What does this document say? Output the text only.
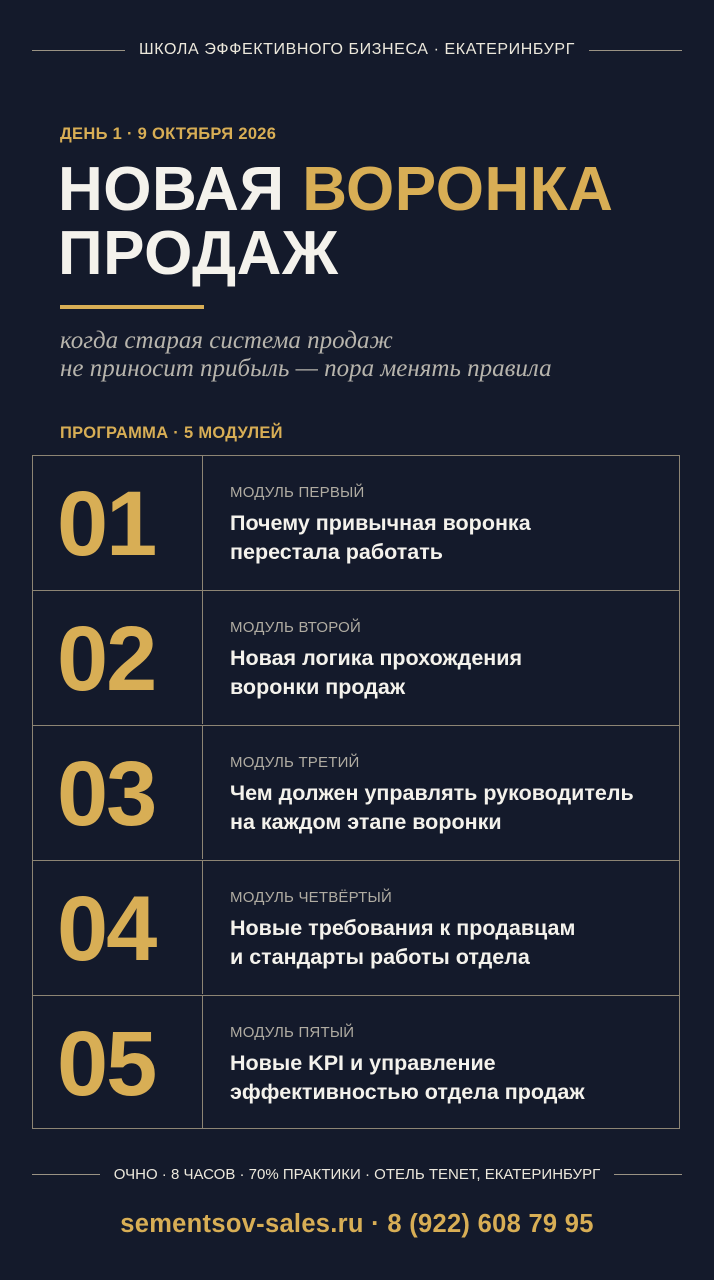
ШКОЛА ЭФФЕКТИВНОГО БИЗНЕСА · ЕКАТЕРИНБУРГ
ДЕНЬ 1 · 9 ОКТЯБРЯ 2026
НОВАЯ ВОРОНКА
ПРОДАЖ
когда старая система продаж
не приносит прибыль — пора менять правила
ПРОГРАММА · 5 МОДУЛЕЙ
01	МОДУЛЬ ПЕРВЫЙ
Почему привычная воронка
перестала работать
02	МОДУЛЬ ВТОРОЙ
Новая логика прохождения
воронки продаж
03	МОДУЛЬ ТРЕТИЙ
Чем должен управлять руководитель
на каждом этапе воронки
04	МОДУЛЬ ЧЕТВЁРТЫЙ
Новые требования к продавцам
и стандарты работы отдела
05	МОДУЛЬ ПЯТЫЙ
Новые KPI и управление
эффективностью отдела продаж
ОЧНО · 8 ЧАСОВ · 70% ПРАКТИКИ · ОТЕЛЬ TENET, ЕКАТЕРИНБУРГ
sementsov-sales.ru · 8 (922) 608 79 95
